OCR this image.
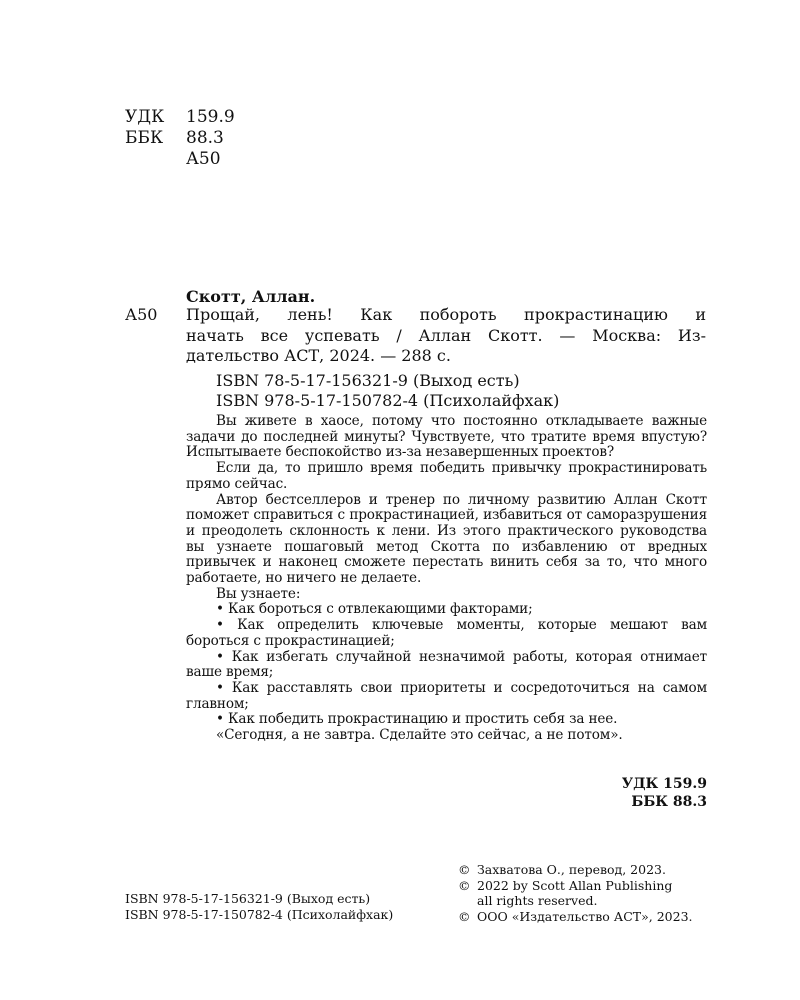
УДК	159.9
ББК	88.3
А50
Скотт, Аллан.
А50 Прощай, лень! Как побороть прокрастинацию и
начать все успевать / Аллан Скотт. — Москва: Из-
дательство АСТ, 2024. — 288 с.
ISBN 78-5-17-156321-9 (Выход есть)
ISBN 978-5-17-150782-4 (Психолайфхак)

Вы живете в хаосе, потому что постоянно откладываете важные задачи до последней минуты? Чувствуете, что тратите время впустую? Испытываете беспокойство из-за незавершенных проектов?

Если да, то пришло время победить привычку прокрастинировать прямо сейчас.

Автор бестселлеров и тренер по личному развитию Аллан Скотт поможет справиться с прокрастинацией, избавиться от саморазрушения и преодолеть склонность к лени. Из этого практического руководства вы узнаете пошаговый метод Скотта по избавлению от вредных привычек и наконец сможете перестать винить себя за то, что много работаете, но ничего не делаете.

Вы узнаете:

• Как бороться с отвлекающими факторами;

• Как определить ключевые моменты, которые мешают вам бороться с прокрастинацией;

• Как избегать случайной незначимой работы, которая отнимает ваше время;

• Как расставлять свои приоритеты и сосредоточиться на самом главном;

• Как победить прокрастинацию и простить себя за нее.

«Сегодня, а не завтра. Сделайте это сейчас, а не потом».

УДК 159.9
ББК 88.3
© Захватова О., перевод, 2023.
© 2022 by Scott Allan Publishing
all rights reserved.
© ООО «Издательство АСТ», 2023.
ISBN 978-5-17-156321-9 (Выход есть)
ISBN 978-5-17-150782-4 (Психолайфхак)
